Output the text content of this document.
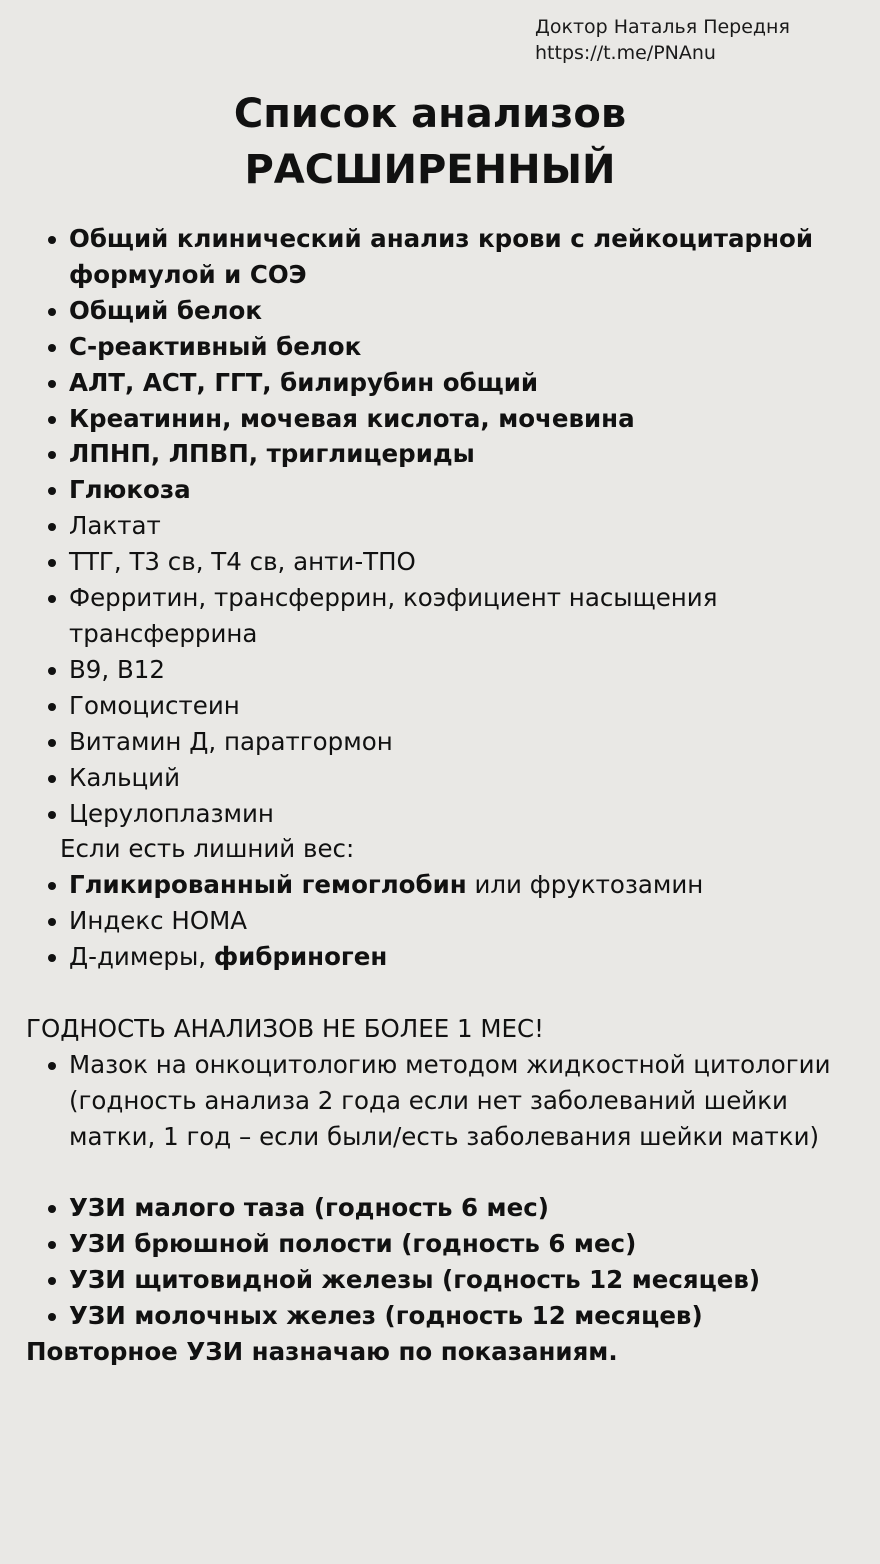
Доктор Наталья Передня
https://t.me/PNAnu
Список анализов
РАСШИРЕННЫЙ
Общий клинический анализ крови с лейкоцитарной формулой и СОЭ
Общий белок
С-реактивный белок
АЛТ, АСТ, ГГТ, билирубин общий
Креатинин, мочевая кислота, мочевина
ЛПНП, ЛПВП, триглицериды
Глюкоза
Лактат
ТТГ, Т3 св, Т4 св, анти-ТПО
Ферритин, трансферрин, коэфициент насыщения трансферрина
В9, В12
Гомоцистеин
Витамин Д, паратгормон
Кальций
Церулоплазмин
Если есть лишний вес:
Гликированный гемоглобин или фруктозамин
Индекс НОМА
Д-димеры, фибриноген
ГОДНОСТЬ АНАЛИЗОВ НЕ БОЛЕЕ 1 МЕС!
Мазок на онкоцитологию методом жидкостной цитологии (годность анализа 2 года если нет заболеваний шейки матки, 1 год – если были/есть заболевания шейки матки)
УЗИ малого таза (годность 6 мес)
УЗИ брюшной полости (годность 6 мес)
УЗИ щитовидной железы (годность 12 месяцев)
УЗИ молочных желез (годность 12 месяцев)
Повторное УЗИ назначаю по показаниям.
